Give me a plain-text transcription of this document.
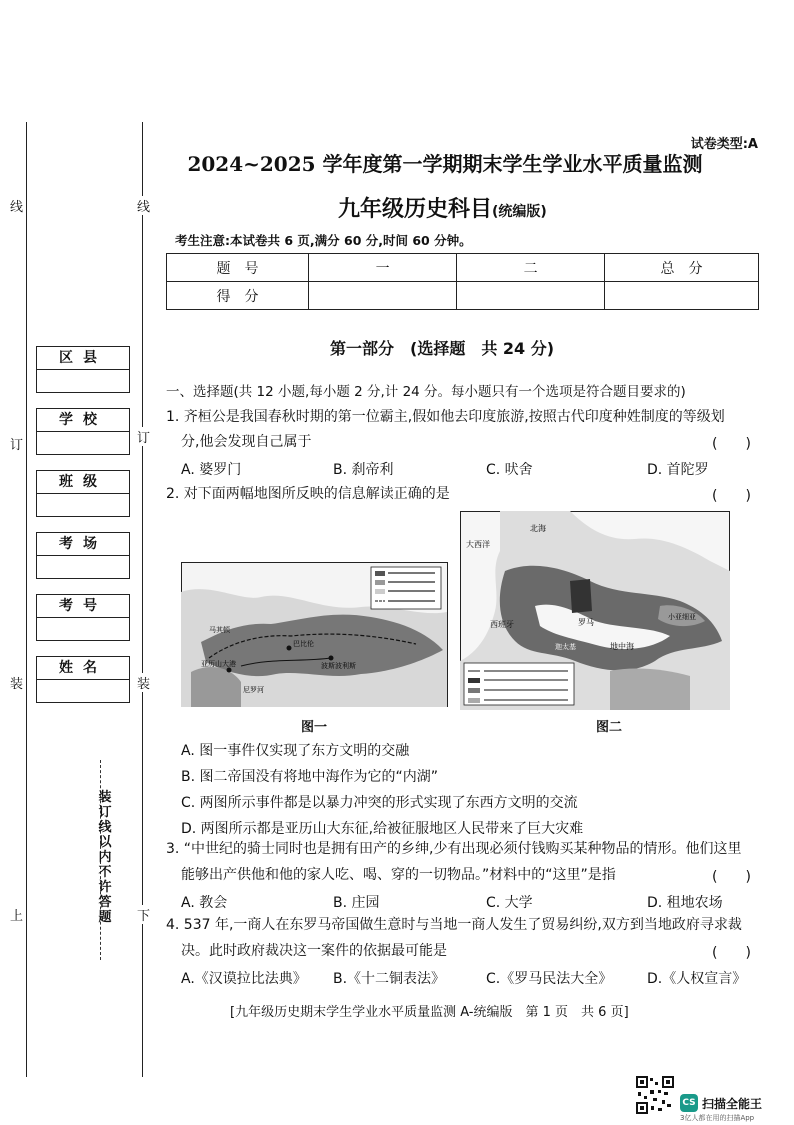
线
订
装
上
线
订
装
下
区县
学校
班级
考场
考号
姓名
装
订
线
以
内
不
许
答
题
试卷类型:A
2024~2025 学年度第一学期期末学生学业水平质量监测
九年级历史科目(统编版)
考生注意:本试卷共 6 页,满分 60 分,时间 60 分钟。
题　号	一	二	总　分
得　分			
第一部分　(选择题　共 24 分)
一、选择题(共 12 小题,每小题 2 分,计 24 分。每小题只有一个选项是符合题目要求的)
1. 齐桓公是我国春秋时期的第一位霸主,假如他去印度旅游,按照古代印度种姓制度的等级划
分,他会发现自己属于	(　　)
A. 婆罗门	B. 刹帝利	C. 吠舍	D. 首陀罗
2. 对下面两幅地图所反映的信息解读正确的是	(　　)
马其顿
巴比伦
波斯波利斯
尼罗河
亚历山大港
图一
北海
大西洋
西班牙	罗马
地中海
迦太基
小亚细亚
图二
A. 图一事件仅实现了东方文明的交融
B. 图二帝国没有将地中海作为它的“内湖”
C. 两图所示事件都是以暴力冲突的形式实现了东西方文明的交流
D. 两图所示都是亚历山大东征,给被征服地区人民带来了巨大灾难
3. “中世纪的骑士同时也是拥有田产的乡绅,少有出现必须付钱购买某种物品的情形。他们这里
能够出产供他和他的家人吃、喝、穿的一切物品。”材料中的“这里”是指	(　　)
A. 教会	B. 庄园	C. 大学	D. 租地农场
4. 537 年,一商人在东罗马帝国做生意时与当地一商人发生了贸易纠纷,双方到当地政府寻求裁
决。此时政府裁决这一案件的依据最可能是	(　　)
A.《汉谟拉比法典》 B.《十二铜表法》	C.《罗马民法大全》 D.《人权宣言》
[九年级历史期末学生学业水平质量监测 A-统编版　第 1 页　共 6 页]
CS 扫描全能王
3亿人都在用的扫描App
